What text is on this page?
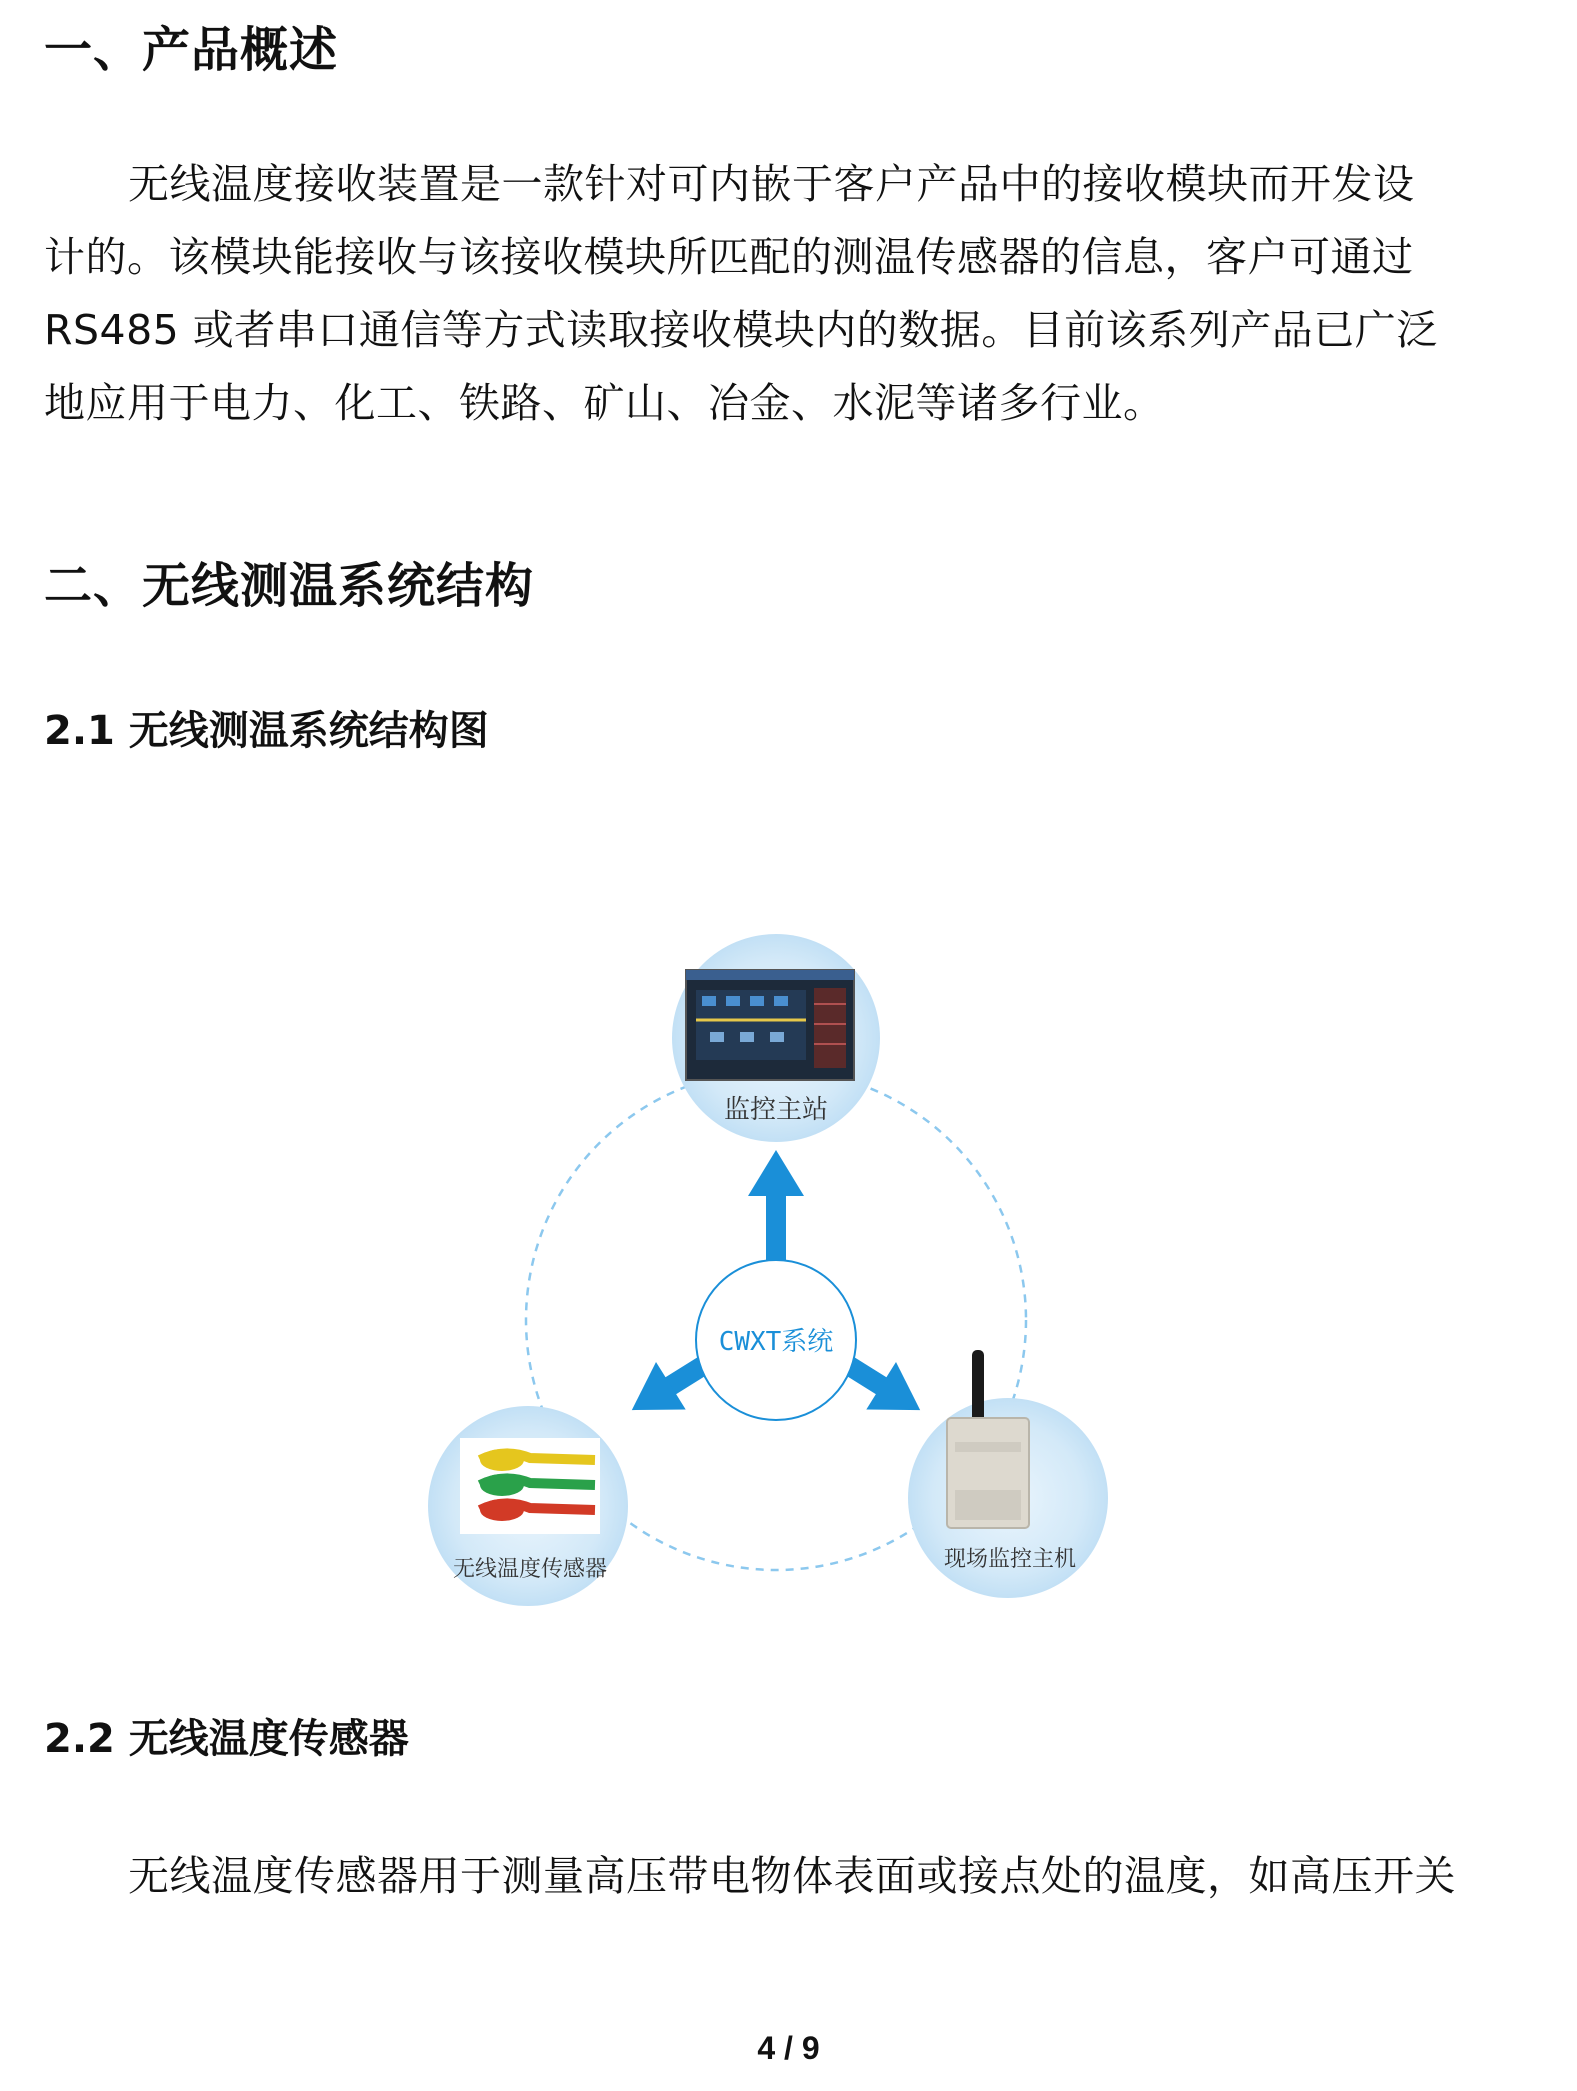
一、产品概述

无线温度接收装置是一款针对可内嵌于客户产品中的接收模块而开发设计的。该模块能接收与该接收模块所匹配的测温传感器的信息，客户可通过 RS485 或者串口通信等方式读取接收模块内的数据。目前该系列产品已广泛地应用于电力、化工、铁路、矿山、冶金、水泥等诸多行业。

二、无线测温系统结构
2.1 无线测温系统结构图
监控主站
无线温度传感器	现场监控主机
CWXT系统
2.2 无线温度传感器

无线温度传感器用于测量高压带电物体表面或接点处的温度，如高压开关

4 / 9
